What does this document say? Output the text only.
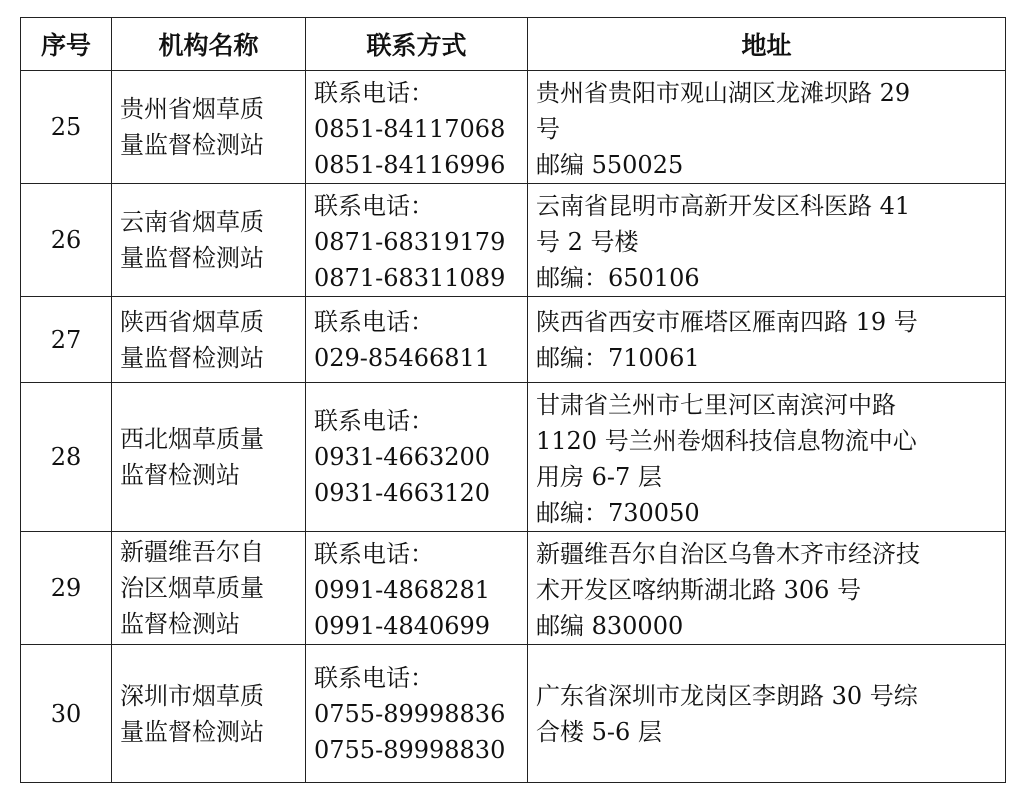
序号	机构名称	联系方式	地址
25	贵州省烟草质
量监督检测站	联系电话：
0851-84117068
0851-84116996	贵州省贵阳市观山湖区龙滩坝路 29
号
邮编 550025

26	云南省烟草质
量监督检测站	联系电话：
0871-68319179
0871-68311089	云南省昆明市高新开发区科医路 41
号 2 号楼
邮编：650106

27	陕西省烟草质
量监督检测站	联系电话：
029-85466811	陕西省西安市雁塔区雁南四路 19 号
邮编：710061

28	西北烟草质量
监督检测站	联系电话：
0931-4663200
0931-4663120	甘肃省兰州市七里河区南滨河中路
1120 号兰州卷烟科技信息物流中心
用房 6-7 层
邮编：730050

29	新疆维吾尔自
治区烟草质量
监督检测站	联系电话：
0991-4868281
0991-4840699	新疆维吾尔自治区乌鲁木齐市经济技
术开发区喀纳斯湖北路 306 号
邮编 830000

30	深圳市烟草质
量监督检测站	联系电话：
0755-89998836
0755-89998830	广东省深圳市龙岗区李朗路 30 号综
合楼 5-6 层
